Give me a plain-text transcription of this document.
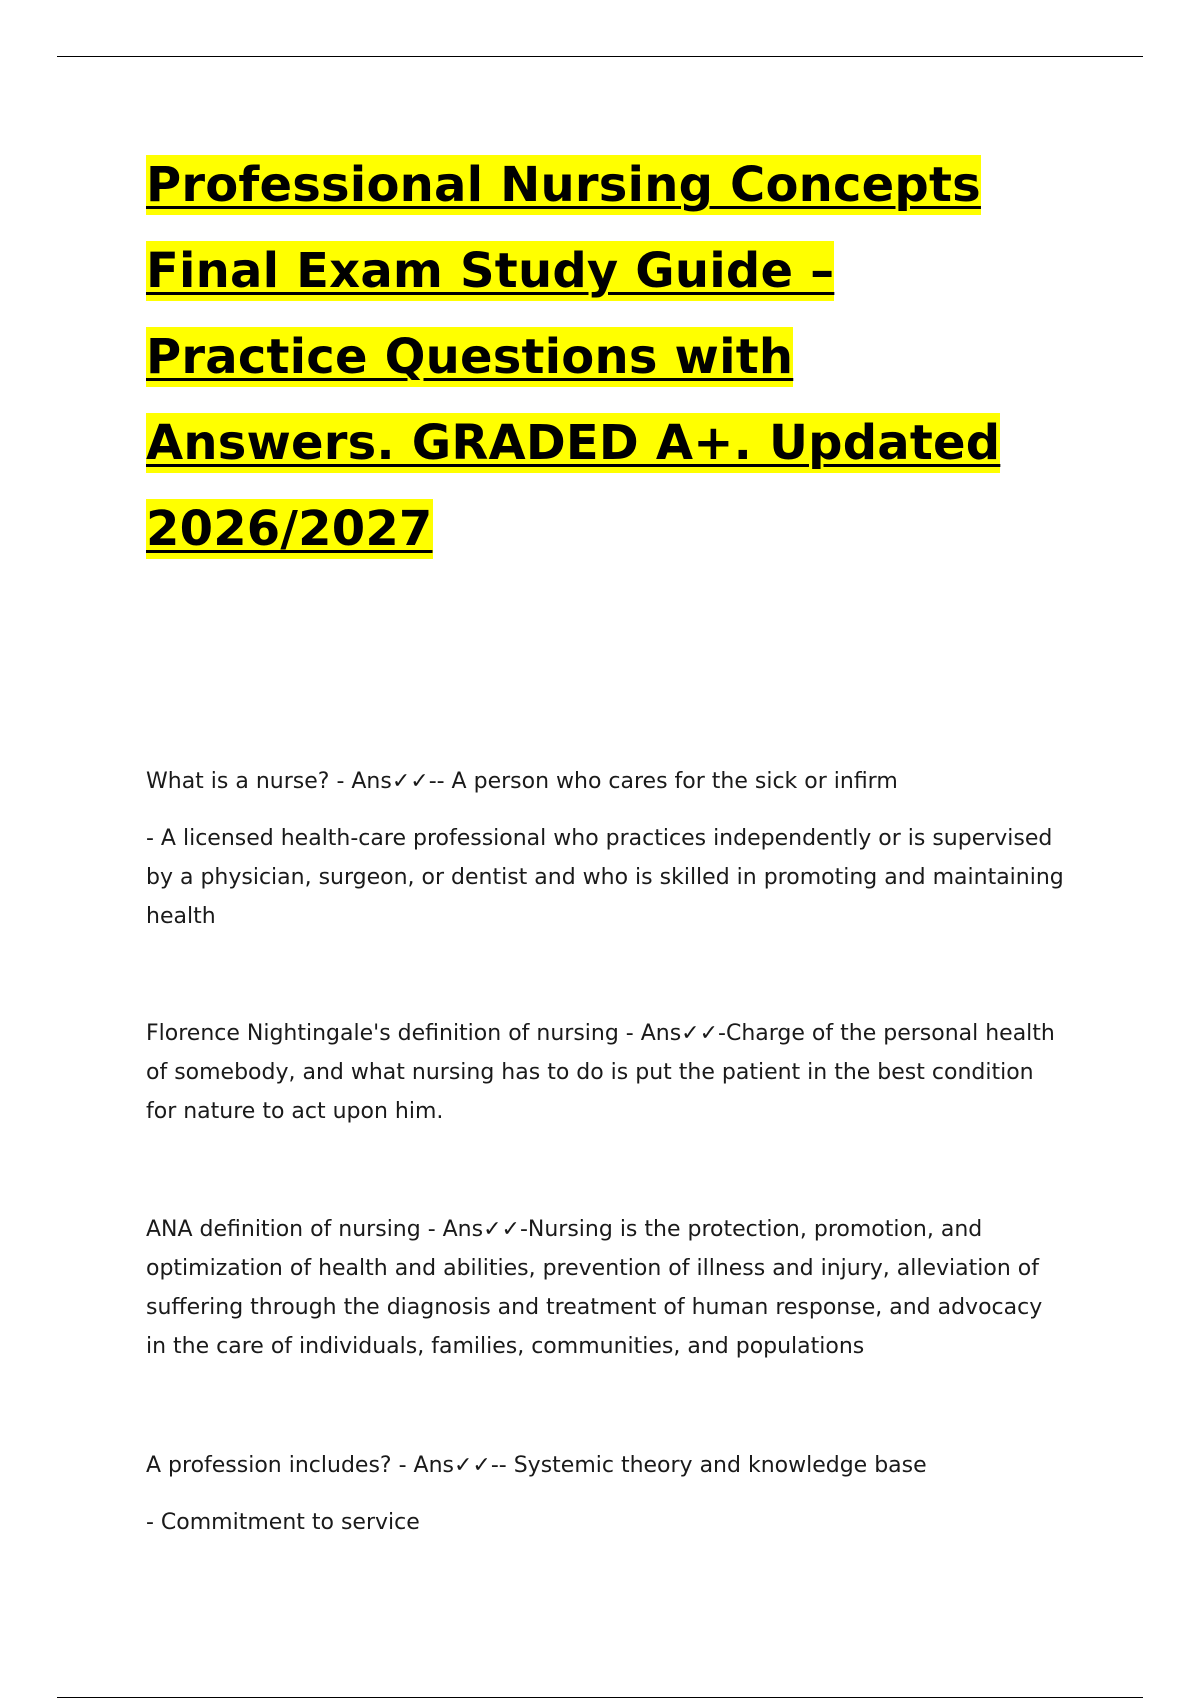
Professional Nursing Concepts
Final Exam Study Guide –
Practice Questions with
Answers. GRADED A+. Updated
2026/2027

What is a nurse? - Ans✓✓-- A person who cares for the sick or infirm

- A licensed health-care professional who practices independently or is supervised by a physician, surgeon, or dentist and who is skilled in promoting and maintaining health

Florence Nightingale's definition of nursing - Ans✓✓-Charge of the personal health of somebody, and what nursing has to do is put the patient in the best condition for nature to act upon him.

ANA definition of nursing - Ans✓✓-Nursing is the protection, promotion, and optimization of health and abilities, prevention of illness and injury, alleviation of suffering through the diagnosis and treatment of human response, and advocacy in the care of individuals, families, communities, and populations

A profession includes? - Ans✓✓-- Systemic theory and knowledge base

- Commitment to service
